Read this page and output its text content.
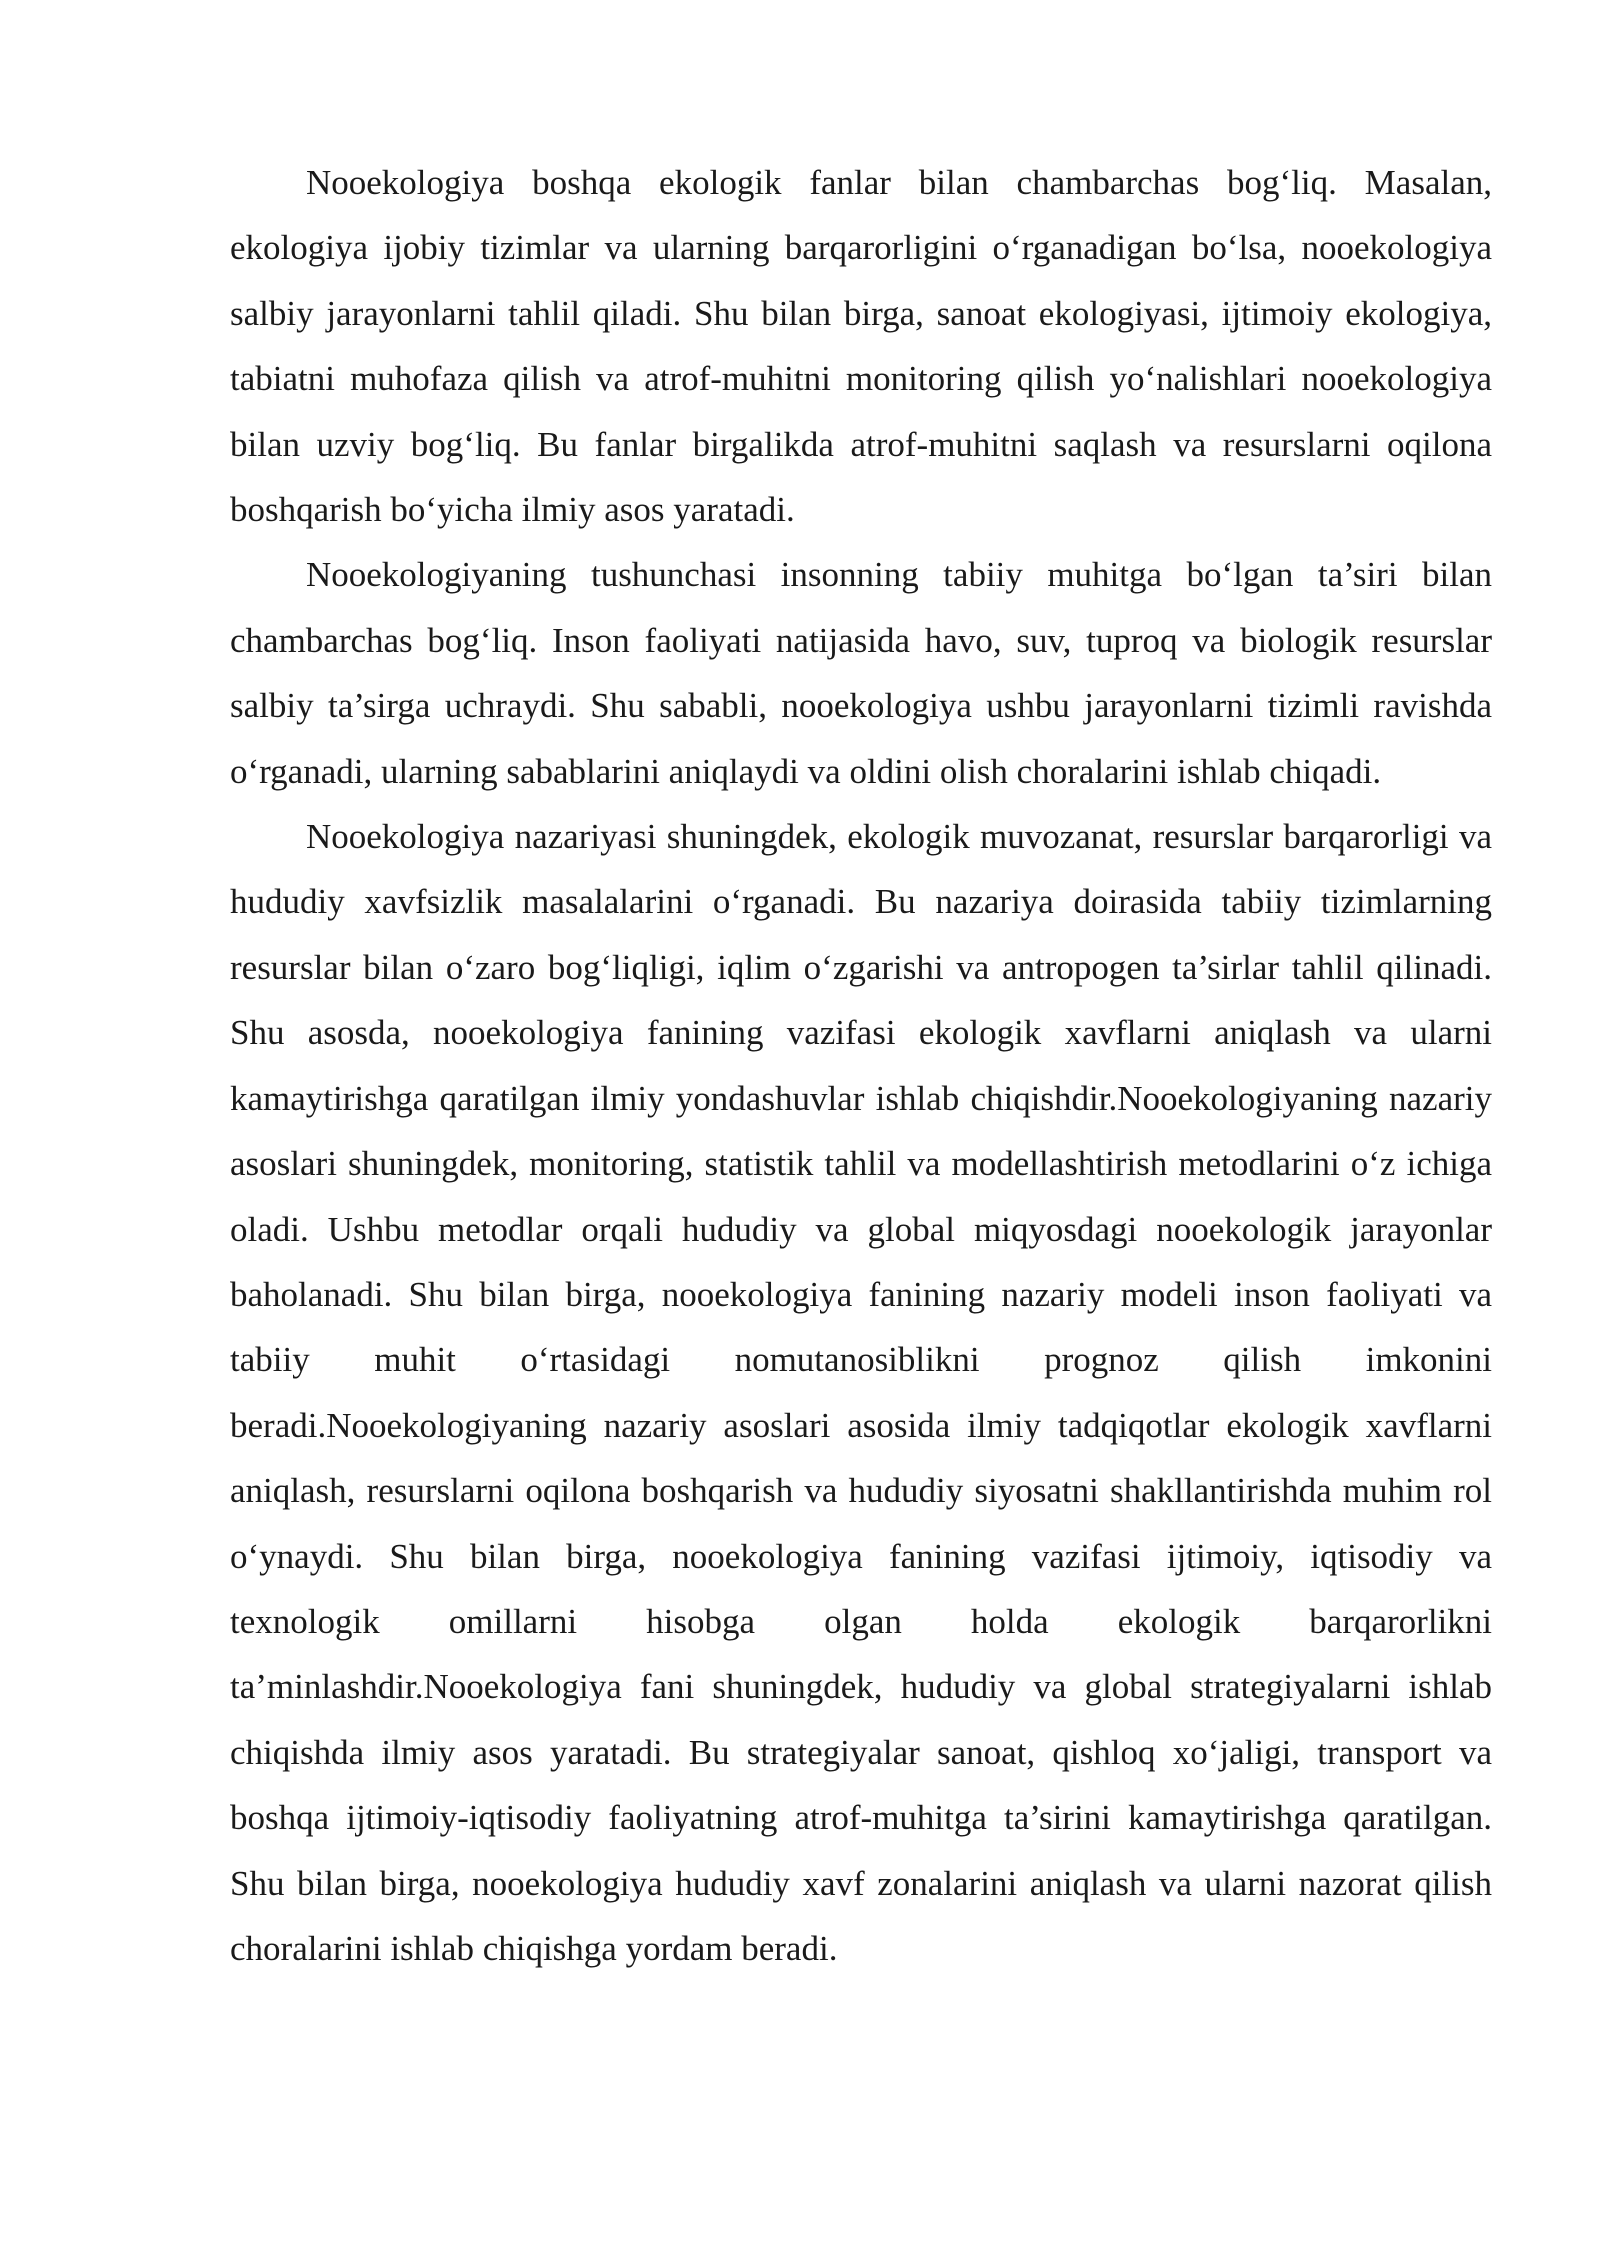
Nooekologiya boshqa ekologik fanlar bilan chambarchas bog‘liq. Masalan, ekologiya ijobiy tizimlar va ularning barqarorligini o‘rganadigan bo‘lsa, nooekologiya salbiy jarayonlarni tahlil qiladi. Shu bilan birga, sanoat ekologiyasi, ijtimoiy ekologiya, tabiatni muhofaza qilish va atrof-muhitni monitoring qilish yo‘nalishlari nooekologiya bilan uzviy bog‘liq. Bu fanlar birgalikda atrof-muhitni saqlash va resurslarni oqilona boshqarish bo‘yicha ilmiy asos yaratadi.

Nooekologiyaning tushunchasi insonning tabiiy muhitga bo‘lgan ta’siri bilan chambarchas bog‘liq. Inson faoliyati natijasida havo, suv, tuproq va biologik resurslar salbiy ta’sirga uchraydi. Shu sababli, nooekologiya ushbu jarayonlarni tizimli ravishda o‘rganadi, ularning sabablarini aniqlaydi va oldini olish choralarini ishlab chiqadi.

Nooekologiya nazariyasi shuningdek, ekologik muvozanat, resurslar barqarorligi va hududiy xavfsizlik masalalarini o‘rganadi. Bu nazariya doirasida tabiiy tizimlarning resurslar bilan o‘zaro bog‘liqligi, iqlim o‘zgarishi va antropogen ta’sirlar tahlil qilinadi. Shu asosda, nooekologiya fanining vazifasi ekologik xavflarni aniqlash va ularni kamaytirishga qaratilgan ilmiy yondashuvlar ishlab chiqishdir.Nooekologiyaning nazariy asoslari shuningdek, monitoring, statistik tahlil va modellashtirish metodlarini o‘z ichiga oladi. Ushbu metodlar orqali hududiy va global miqyosdagi nooekologik jarayonlar baholanadi. Shu bilan birga, nooekologiya fanining nazariy modeli inson faoliyati va tabiiy muhit o‘rtasidagi nomutanosiblikni prognoz qilish imkonini beradi.Nooekologiyaning nazariy asoslari asosida ilmiy tadqiqotlar ekologik xavflarni aniqlash, resurslarni oqilona boshqarish va hududiy siyosatni shakllantirishda muhim rol o‘ynaydi. Shu bilan birga, nooekologiya fanining vazifasi ijtimoiy, iqtisodiy va texnologik omillarni hisobga olgan holda ekologik barqarorlikni ta’minlashdir.Nooekologiya fani shuningdek, hududiy va global strategiyalarni ishlab chiqishda ilmiy asos yaratadi. Bu strategiyalar sanoat, qishloq xo‘jaligi, transport va boshqa ijtimoiy-iqtisodiy faoliyatning atrof-muhitga ta’sirini kamaytirishga qaratilgan. Shu bilan birga, nooekologiya hududiy xavf zonalarini aniqlash va ularni nazorat qilish choralarini ishlab chiqishga yordam beradi.
